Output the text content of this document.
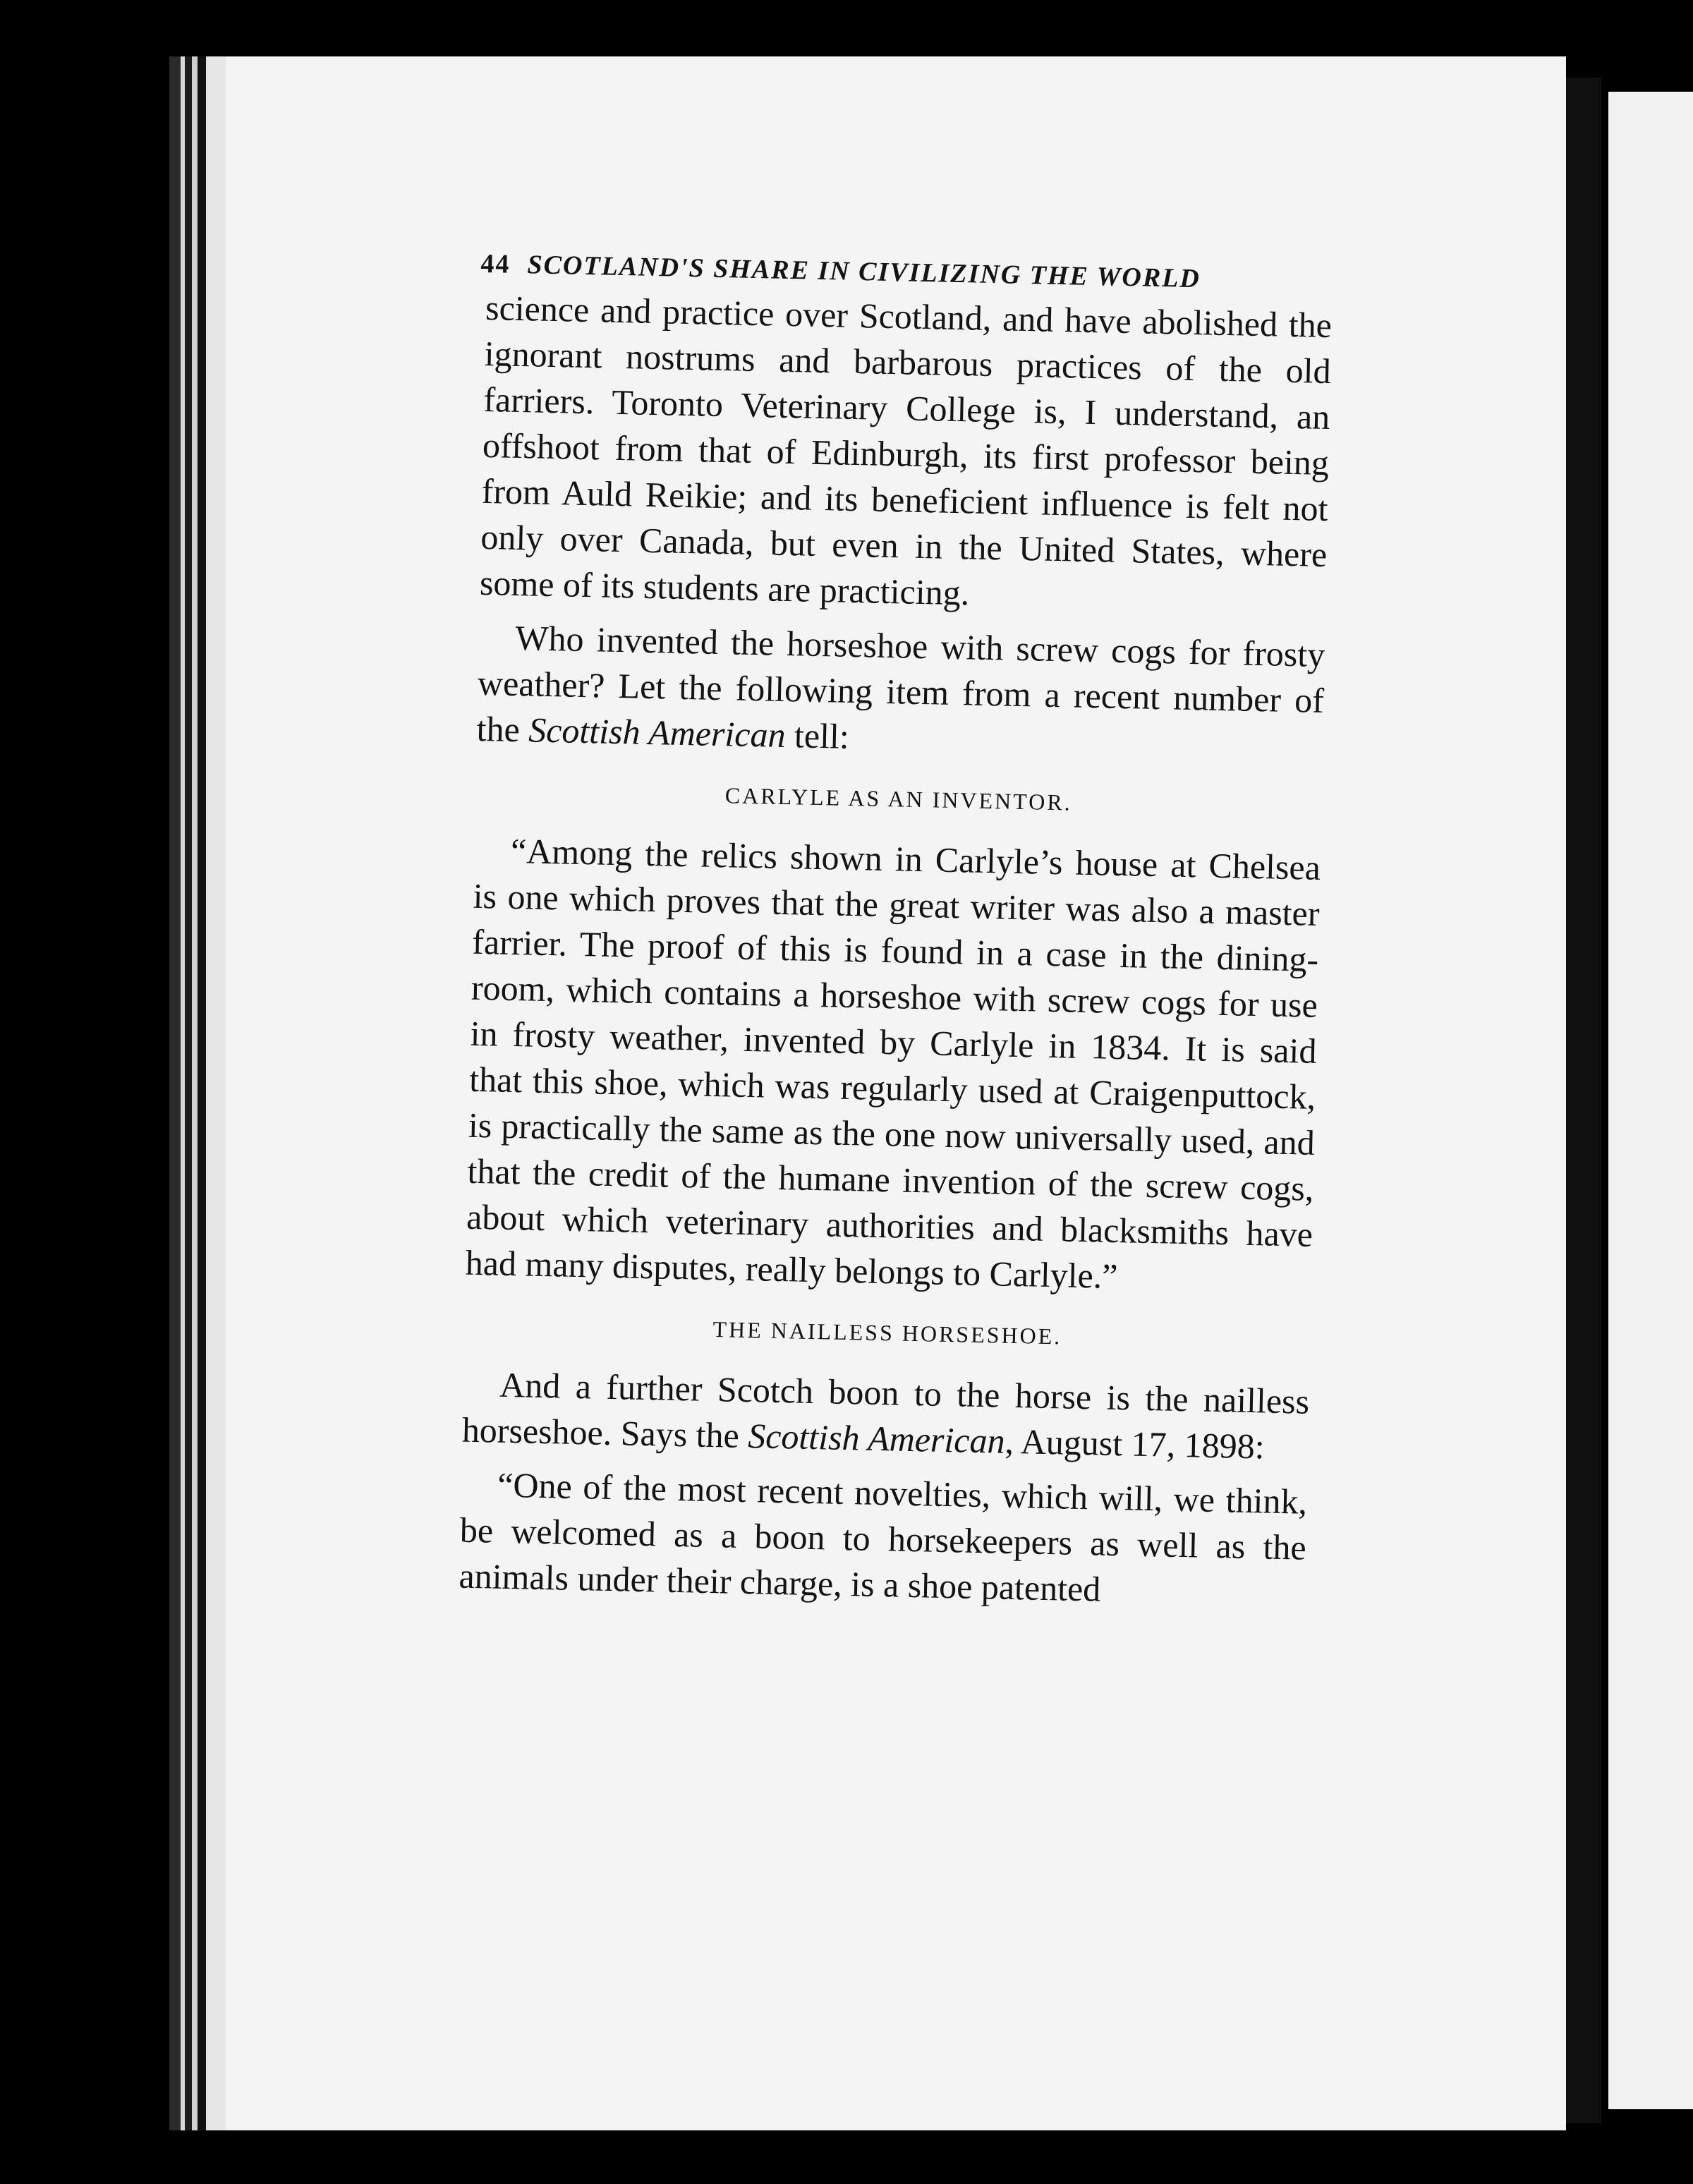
44 SCOTLAND'S SHARE IN CIVILIZING THE WORLD

science and practice over Scotland, and have abolished the ignorant nostrums and barbarous practices of the old farriers. Toronto Veterinary College is, I understand, an offshoot from that of Edinburgh, its first professor being from Auld Reikie; and its beneficient influence is felt not only over Canada, but even in the United States, where some of its students are practicing.

Who invented the horseshoe with screw cogs for frosty weather? Let the following item from a recent number of the Scottish American tell:

CARLYLE AS AN INVENTOR.

“Among the relics shown in Carlyle’s house at Chelsea is one which proves that the great writer was also a master farrier. The proof of this is found in a case in the dining-room, which contains a horseshoe with screw cogs for use in frosty weather, invented by Carlyle in 1834. It is said that this shoe, which was regularly used at Craigenputtock, is practically the same as the one now universally used, and that the credit of the humane invention of the screw cogs, about which veterinary authorities and blacksmiths have had many disputes, really belongs to Carlyle.”

THE NAILLESS HORSESHOE.

And a further Scotch boon to the horse is the nailless horseshoe. Says the Scottish American, August 17, 1898:

“One of the most recent novelties, which will, we think, be welcomed as a boon to horsekeepers as well as the animals under their charge, is a shoe patented
